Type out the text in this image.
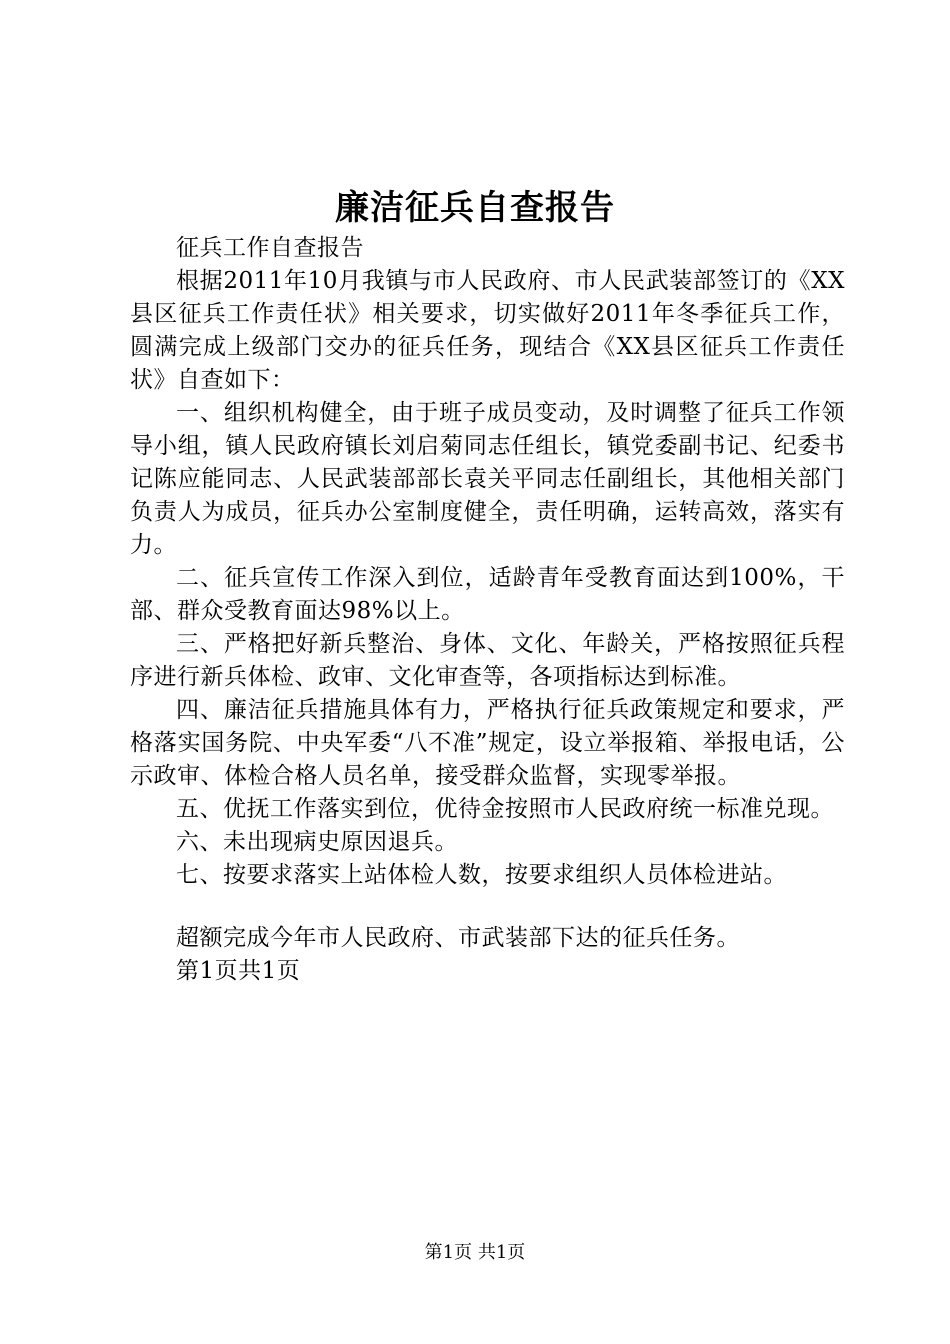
廉洁征兵自查报告

征兵工作自查报告

根据2011年10月我镇与市人民政府、市人民武装部签订的《XX县区征兵工作责任状》相关要求，切实做好2011年冬季征兵工作，圆满完成上级部门交办的征兵任务，现结合《XX县区征兵工作责任状》自查如下：

一、组织机构健全，由于班子成员变动，及时调整了征兵工作领导小组，镇人民政府镇长刘启菊同志任组长，镇党委副书记、纪委书记陈应能同志、人民武装部部长袁关平同志任副组长，其他相关部门负责人为成员，征兵办公室制度健全，责任明确，运转高效，落实有力。

二、征兵宣传工作深入到位，适龄青年受教育面达到100%，干部、群众受教育面达98%以上。

三、严格把好新兵整治、身体、文化、年龄关，严格按照征兵程序进行新兵体检、政审、文化审查等，各项指标达到标准。

四、廉洁征兵措施具体有力，严格执行征兵政策规定和要求，严格落实国务院、中央军委“八不准”规定，设立举报箱、举报电话，公示政审、体检合格人员名单，接受群众监督，实现零举报。

五、优抚工作落实到位，优待金按照市人民政府统一标准兑现。

六、未出现病史原因退兵。

七、按要求落实上站体检人数，按要求组织人员体检进站。

超额完成今年市人民政府、市武装部下达的征兵任务。

第1页共1页

第1页 共1页
